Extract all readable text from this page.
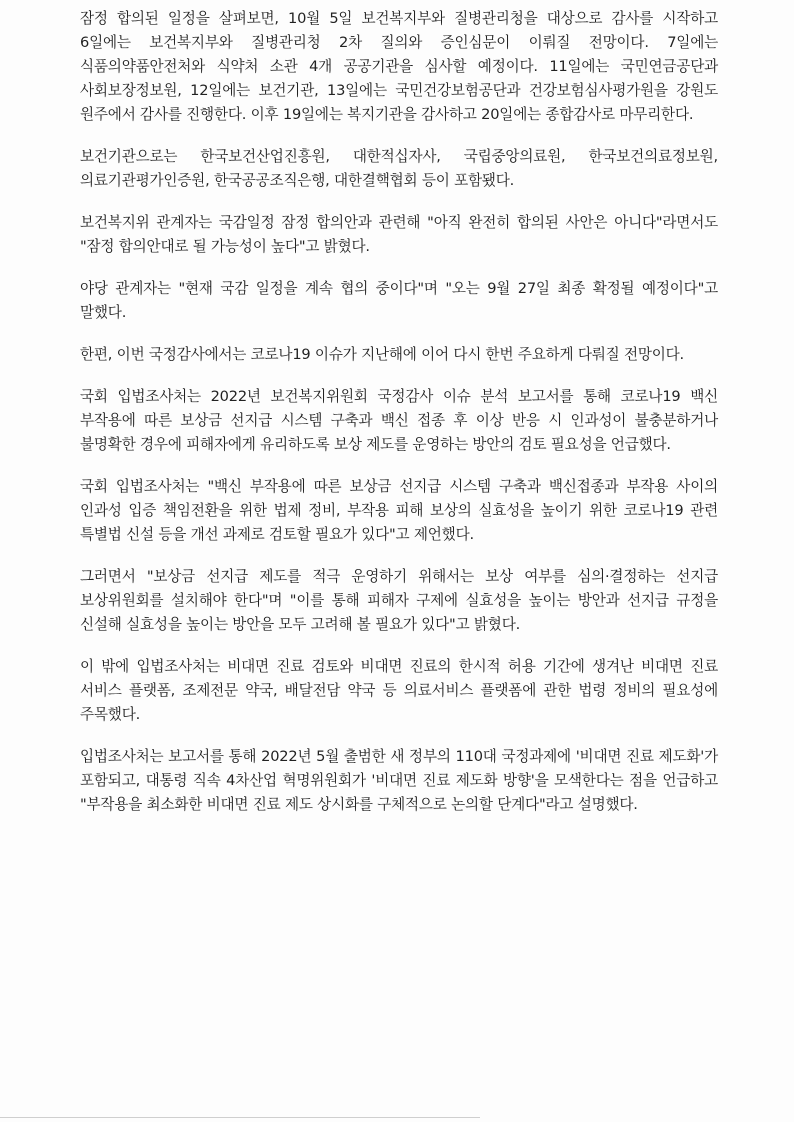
잠정 합의된 일정을 살펴보면, 10월 5일 보건복지부와 질병관리청을 대상으로 감사를 시작하고 6일에는 보건복지부와 질병관리청 2차 질의와 증인심문이 이뤄질 전망이다. 7일에는 식품의약품안전처와 식약처 소관 4개 공공기관을 심사할 예정이다. 11일에는 국민연금공단과 사회보장정보원, 12일에는 보건기관, 13일에는 국민건강보험공단과 건강보험심사평가원을 강원도 원주에서 감사를 진행한다. 이후 19일에는 복지기관을 감사하고 20일에는 종합감사로 마무리한다.

보건기관으로는 한국보건산업진흥원, 대한적십자사, 국립중앙의료원, 한국보건의료정보원, 의료기관평가인증원, 한국공공조직은행, 대한결핵협회 등이 포함됐다.

보건복지위 관계자는 국감일정 잠정 합의안과 관련해 "아직 완전히 합의된 사안은 아니다"라면서도 "잠정 합의안대로 될 가능성이 높다"고 밝혔다.

야당 관계자는 "현재 국감 일정을 계속 협의 중이다"며 "오는 9월 27일 최종 확정될 예정이다"고 말했다.

한편, 이번 국정감사에서는 코로나19 이슈가 지난해에 이어 다시 한번 주요하게 다뤄질 전망이다.

국회 입법조사처는 2022년 보건복지위원회 국정감사 이슈 분석 보고서를 통해 코로나19 백신 부작용에 따른 보상금 선지급 시스템 구축과 백신 접종 후 이상 반응 시 인과성이 불충분하거나 불명확한 경우에 피해자에게 유리하도록 보상 제도를 운영하는 방안의 검토 필요성을 언급했다.

국회 입법조사처는 "백신 부작용에 따른 보상금 선지급 시스템 구축과 백신접종과 부작용 사이의 인과성 입증 책임전환을 위한 법제 정비, 부작용 피해 보상의 실효성을 높이기 위한 코로나19 관련 특별법 신설 등을 개선 과제로 검토할 필요가 있다"고 제언했다.

그러면서 "보상금 선지급 제도를 적극 운영하기 위해서는 보상 여부를 심의·결정하는 선지급 보상위원회를 설치해야 한다"며 "이를 통해 피해자 구제에 실효성을 높이는 방안과 선지급 규정을 신설해 실효성을 높이는 방안을 모두 고려해 볼 필요가 있다"고 밝혔다.

이 밖에 입법조사처는 비대면 진료 검토와 비대면 진료의 한시적 허용 기간에 생겨난 비대면 진료 서비스 플랫폼, 조제전문 약국, 배달전담 약국 등 의료서비스 플랫폼에 관한 법령 정비의 필요성에 주목했다.

입법조사처는 보고서를 통해 2022년 5월 출범한 새 정부의 110대 국정과제에 '비대면 진료 제도화'가 포함되고, 대통령 직속 4차산업 혁명위원회가 '비대면 진료 제도화 방향'을 모색한다는 점을 언급하고 "부작용을 최소화한 비대면 진료 제도 상시화를 구체적으로 논의할 단계다"라고 설명했다.
